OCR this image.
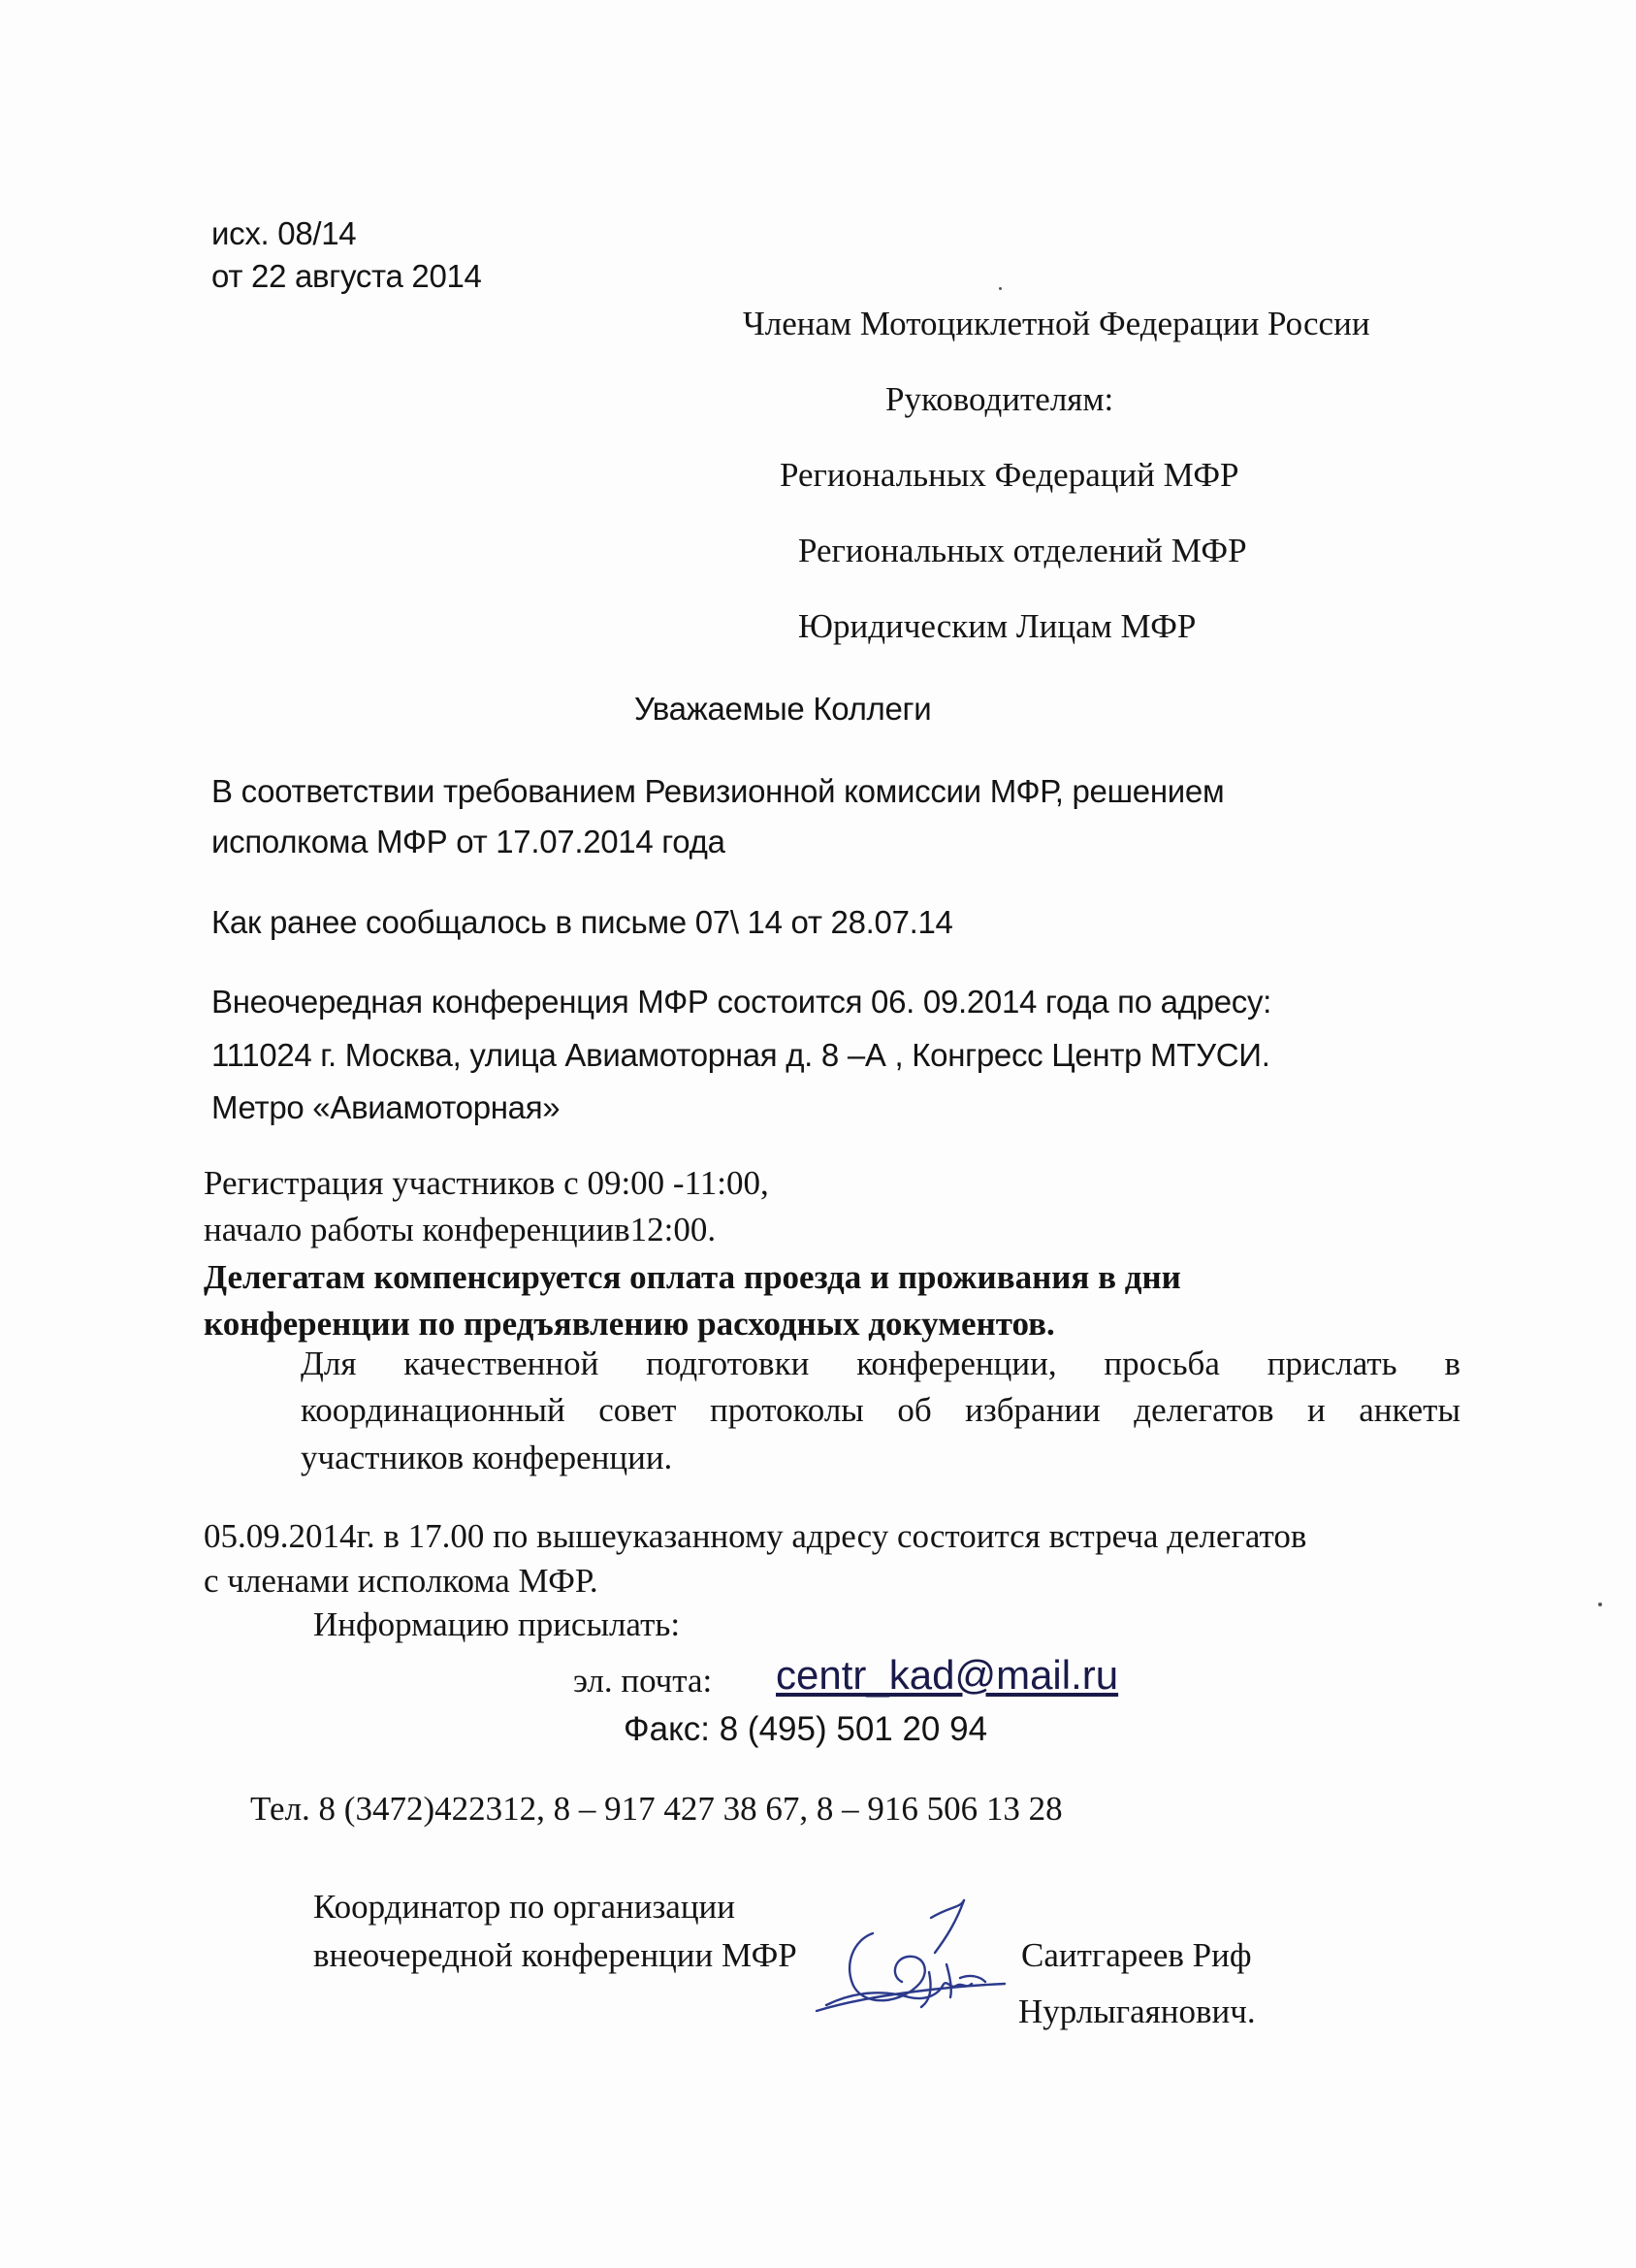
исх. 08/14
от 22 августа 2014
Членам Мотоциклетной Федерации России
Руководителям:
Региональных Федераций МФР
Региональных отделений МФР
Юридическим Лицам МФР
Уважаемые Коллеги
В соответствии требованием Ревизионной комиссии МФР, решением
исполкома МФР от 17.07.2014 года
Как ранее сообщалось в письме 07\ 14 от 28.07.14
Внеочередная конференция МФР состоится 06. 09.2014 года по адресу:
111024 г. Москва, улица Авиамоторная д. 8 –А , Конгресс Центр МТУСИ.
Метро «Авиамоторная»
Регистрация участников с 09:00 -11:00,
начало работы конференциив12:00.
Делегатам компенсируется оплата проезда и проживания в дни
конференции по предъявлению расходных документов.
Для качественной подготовки конференции, просьба прислать в
координационный совет протоколы об избрании делегатов и анкеты
участников конференции.
05.09.2014г. в 17.00 по вышеуказанному адресу состоится встреча делегатов
с членами исполкома МФР.
Информацию присылать:
эл. почта: centr_kad@mail.ru
Факс: 8 (495) 501 20 94
Тел. 8 (3472)422312, 8 – 917 427 38 67, 8 – 916 506 13 28
Координатор по организации
внеочередной конференции МФР	Саитгареев Риф
Нурлыгаянович.
